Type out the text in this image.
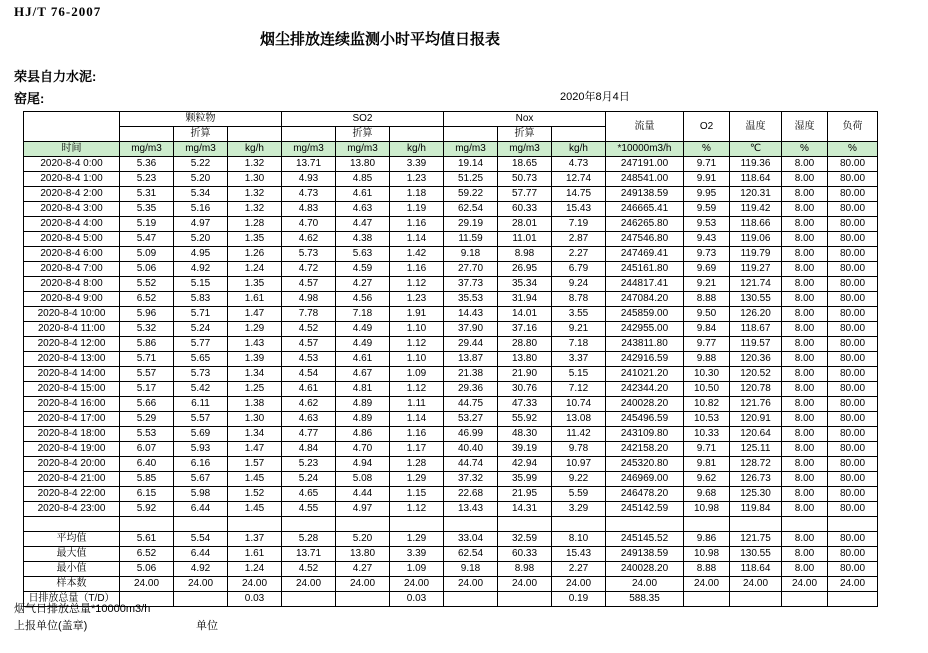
HJ/T 76-2007
烟尘排放连续监测小时平均值日报表
荣县自力水泥:
窑尾:	2020年8月4日
	颗粒物			SO2			Nox			流量	O2	温度	湿度	负荷
		折算			折算			折算						
时间	mg/m3	mg/m3	kg/h	mg/m3	mg/m3	kg/h	mg/m3	mg/m3	kg/h	*10000m3/h	%	℃	%	%
2020-8-4 0:00	5.36	5.22	1.32	13.71	13.80	3.39	19.14	18.65	4.73	247191.00	9.71	119.36	8.00	80.00
2020-8-4 1:00	5.23	5.20	1.30	4.93	4.85	1.23	51.25	50.73	12.74	248541.00	9.91	118.64	8.00	80.00
2020-8-4 2:00	5.31	5.34	1.32	4.73	4.61	1.18	59.22	57.77	14.75	249138.59	9.95	120.31	8.00	80.00
2020-8-4 3:00	5.35	5.16	1.32	4.83	4.63	1.19	62.54	60.33	15.43	246665.41	9.59	119.42	8.00	80.00
2020-8-4 4:00	5.19	4.97	1.28	4.70	4.47	1.16	29.19	28.01	7.19	246265.80	9.53	118.66	8.00	80.00
2020-8-4 5:00	5.47	5.20	1.35	4.62	4.38	1.14	11.59	11.01	2.87	247546.80	9.43	119.06	8.00	80.00
2020-8-4 6:00	5.09	4.95	1.26	5.73	5.63	1.42	9.18	8.98	2.27	247469.41	9.73	119.79	8.00	80.00
2020-8-4 7:00	5.06	4.92	1.24	4.72	4.59	1.16	27.70	26.95	6.79	245161.80	9.69	119.27	8.00	80.00
2020-8-4 8:00	5.52	5.15	1.35	4.57	4.27	1.12	37.73	35.34	9.24	244817.41	9.21	121.74	8.00	80.00
2020-8-4 9:00	6.52	5.83	1.61	4.98	4.56	1.23	35.53	31.94	8.78	247084.20	8.88	130.55	8.00	80.00
2020-8-4 10:00	5.96	5.71	1.47	7.78	7.18	1.91	14.43	14.01	3.55	245859.00	9.50	126.20	8.00	80.00
2020-8-4 11:00	5.32	5.24	1.29	4.52	4.49	1.10	37.90	37.16	9.21	242955.00	9.84	118.67	8.00	80.00
2020-8-4 12:00	5.86	5.77	1.43	4.57	4.49	1.12	29.44	28.80	7.18	243811.80	9.77	119.57	8.00	80.00
2020-8-4 13:00	5.71	5.65	1.39	4.53	4.61	1.10	13.87	13.80	3.37	242916.59	9.88	120.36	8.00	80.00
2020-8-4 14:00	5.57	5.73	1.34	4.54	4.67	1.09	21.38	21.90	5.15	241021.20	10.30	120.52	8.00	80.00
2020-8-4 15:00	5.17	5.42	1.25	4.61	4.81	1.12	29.36	30.76	7.12	242344.20	10.50	120.78	8.00	80.00
2020-8-4 16:00	5.66	6.11	1.38	4.62	4.89	1.11	44.75	47.33	10.74	240028.20	10.82	121.76	8.00	80.00
2020-8-4 17:00	5.29	5.57	1.30	4.63	4.89	1.14	53.27	55.92	13.08	245496.59	10.53	120.91	8.00	80.00
2020-8-4 18:00	5.53	5.69	1.34	4.77	4.86	1.16	46.99	48.30	11.42	243109.80	10.33	120.64	8.00	80.00
2020-8-4 19:00	6.07	5.93	1.47	4.84	4.70	1.17	40.40	39.19	9.78	242158.20	9.71	125.11	8.00	80.00
2020-8-4 20:00	6.40	6.16	1.57	5.23	4.94	1.28	44.74	42.94	10.97	245320.80	9.81	128.72	8.00	80.00
2020-8-4 21:00	5.85	5.67	1.45	5.24	5.08	1.29	37.32	35.99	9.22	246969.00	9.62	126.73	8.00	80.00
2020-8-4 22:00	6.15	5.98	1.52	4.65	4.44	1.15	22.68	21.95	5.59	246478.20	9.68	125.30	8.00	80.00
2020-8-4 23:00	5.92	6.44	1.45	4.55	4.97	1.12	13.43	14.31	3.29	245142.59	10.98	119.84	8.00	80.00

平均值	5.61	5.54	1.37	5.28	5.20	1.29	33.04	32.59	8.10	245145.52	9.86	121.75	8.00	80.00
最大值	6.52	6.44	1.61	13.71	13.80	3.39	62.54	60.33	15.43	249138.59	10.98	130.55	8.00	80.00
最小值	5.06	4.92	1.24	4.52	4.27	1.09	9.18	8.98	2.27	240028.20	8.88	118.64	8.00	80.00
样本数	24.00	24.00	24.00	24.00	24.00	24.00	24.00	24.00	24.00	24.00	24.00	24.00	24.00	24.00
日排放总量（T/D）			0.03			0.03			0.19	588.35				
烟气日排放总量*10000m3/h
上报单位(盖章)	单位
